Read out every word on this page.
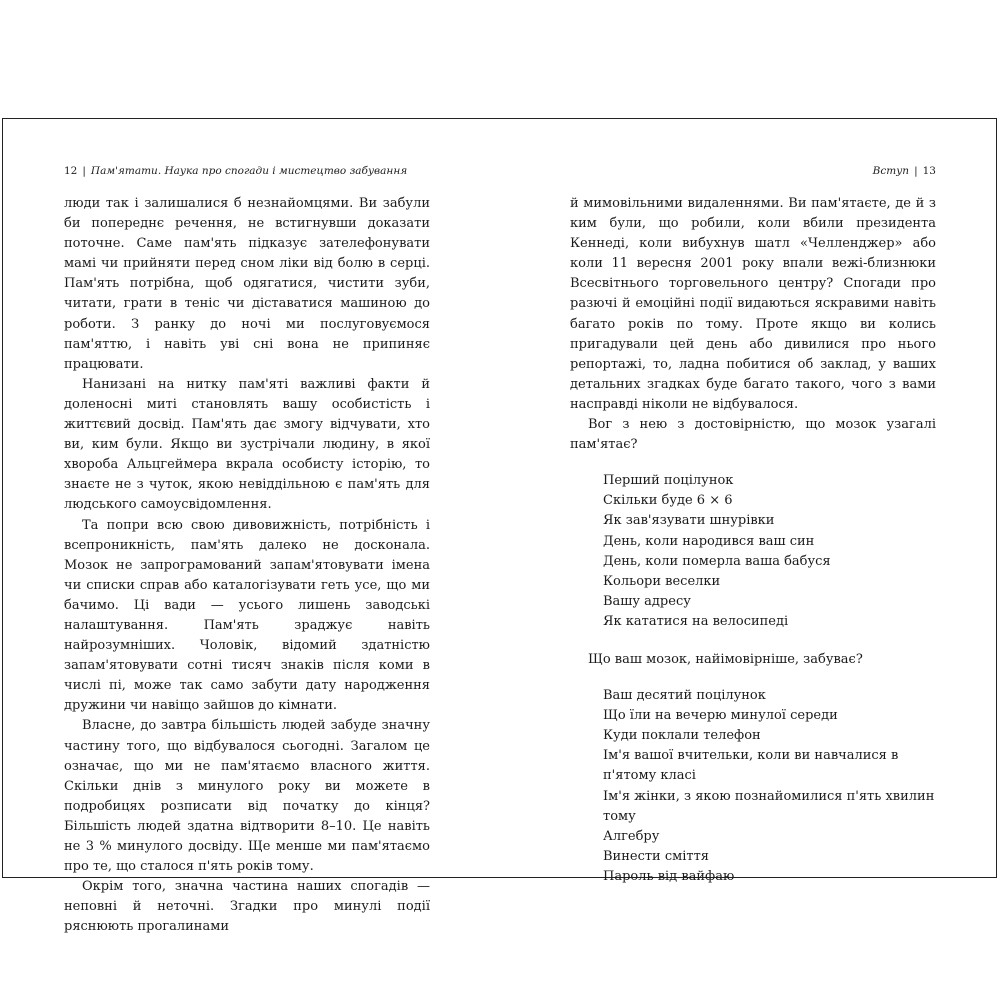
12 | Пам'ятати. Наука про спогади і мистецтво забування	Вступ | 13

люди так і залишалися б незнайомцями. Ви забули би попереднє речення, не встигнувши доказати поточне. Саме пам'ять підказує зателефонувати мамі чи прийняти перед сном ліки від болю в серці. Пам'ять потрібна, щоб одягатися, чистити зуби, читати, грати в теніс чи діставатися машиною до роботи. З ранку до ночі ми послуговуємося пам'яттю, і навіть уві сні вона не припиняє працювати.

Нанизані на нитку пам'яті важливі факти й доленосні миті становлять вашу особистість і життєвий досвід. Пам'ять дає змогу відчувати, хто ви, ким були. Якщо ви зустрічали людину, в якої хвороба Альцгеймера вкрала особисту історію, то знаєте не з чуток, якою невіддільною є пам'ять для людського самоусвідомлення.

Та попри всю свою дивовижність, потрібність і всепроникність, пам'ять далеко не досконала. Мозок не запрограмований запам'ятовувати імена чи списки справ або каталогізувати геть усе, що ми бачимо. Ці вади — усього лишень заводські налаштування. Пам'ять зраджує навіть найрозумніших. Чоловік, відомий здатністю запам'ятовувати сотні тисяч знаків після коми в числі пі, може так само забути дату народження дружини чи навіщо зайшов до кімнати.

Власне, до завтра більшість людей забуде значну частину того, що відбувалося сьогодні. Загалом це означає, що ми не пам'ятаємо власного життя. Скільки днів з минулого року ви можете в подробицях розписати від початку до кінця? Більшість людей здатна відтворити 8–10. Це навіть не 3 % минулого досвіду. Ще менше ми пам'ятаємо про те, що сталося п'ять років тому.

Окрім того, значна частина наших спогадів — неповні й неточні. Згадки про минулі події ряснюють прогалинами

й мимовільними видаленнями. Ви пам'ятаєте, де й з ким були, що робили, коли вбили президента Кеннеді, коли вибухнув шатл «Челленджер» або коли 11 вересня 2001 року впали вежі-близнюки Всесвітнього торговельного центру? Спогади про разючі й емоційні події видаються яскравими навіть багато років по тому. Проте якщо ви колись пригадували цей день або дивилися про нього репортажі, то, ладна побитися об заклад, у ваших детальних згадках буде багато такого, чого з вами насправді ніколи не відбувалося.

Вог з нею з достовірністю, що мозок узагалі пам'ятає?

Перший поцілунок
Скільки буде 6 × 6
Як зав'язувати шнурівки
День, коли народився ваш син
День, коли померла ваша бабуся
Кольори веселки
Вашу адресу
Як кататися на велосипеді

Що ваш мозок, найімовірніше, забуває?

Ваш десятий поцілунок
Що їли на вечерю минулої середи
Куди поклали телефон
Ім'я вашої вчительки, коли ви навчалися в п'ятому класі
Ім'я жінки, з якою познайомилися п'ять хвилин тому
Алгебру
Винести сміття
Пароль від вайфаю
